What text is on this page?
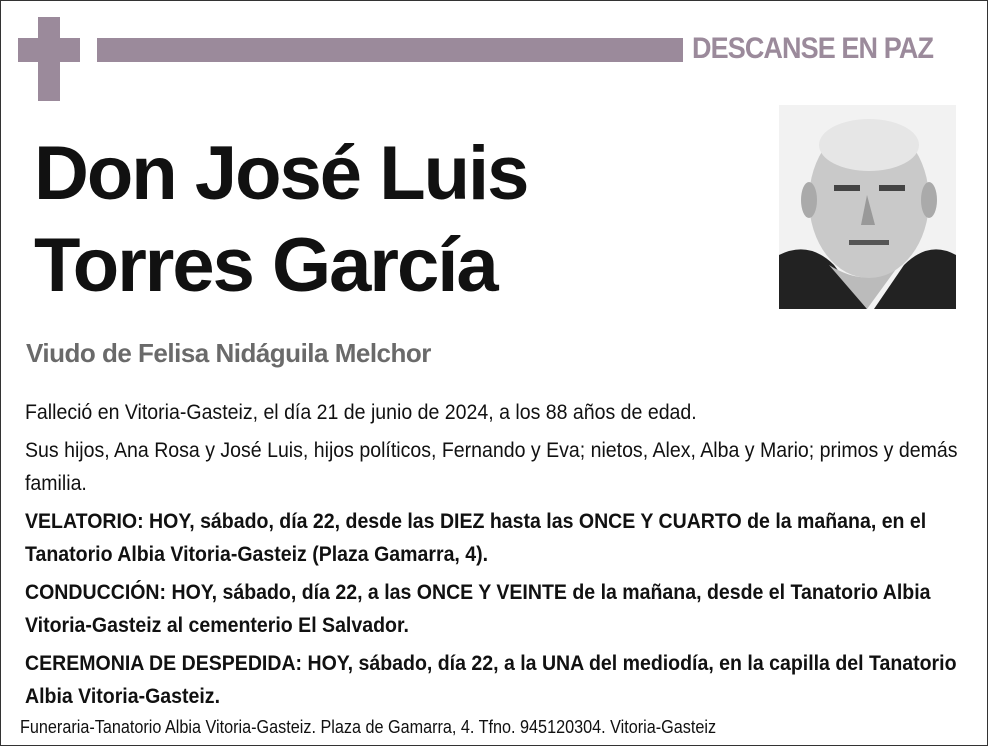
DESCANSE EN PAZ
Don José Luis
Torres García
Viudo de Felisa Nidáguila Melchor

Falleció en Vitoria-Gasteiz, el día 21 de junio de 2024, a los 88 años de edad.

Sus hijos, Ana Rosa y José Luis, hijos políticos, Fernando y Eva; nietos, Alex, Alba y Mario; primos y demás familia.

VELATORIO: HOY, sábado, día 22, desde las DIEZ hasta las ONCE Y CUARTO de la mañana, en el Tanatorio Albia Vitoria-Gasteiz (Plaza Gamarra, 4).

CONDUCCIÓN: HOY, sábado, día 22, a las ONCE Y VEINTE de la mañana, desde el Tanatorio Albia Vitoria-Gasteiz al cementerio El Salvador.

CEREMONIA DE DESPEDIDA: HOY, sábado, día 22, a la UNA del mediodía, en la capilla del Tanatorio Albia Vitoria-Gasteiz.

Funeraria-Tanatorio Albia Vitoria-Gasteiz. Plaza de Gamarra, 4. Tfno. 945120304. Vitoria-Gasteiz
